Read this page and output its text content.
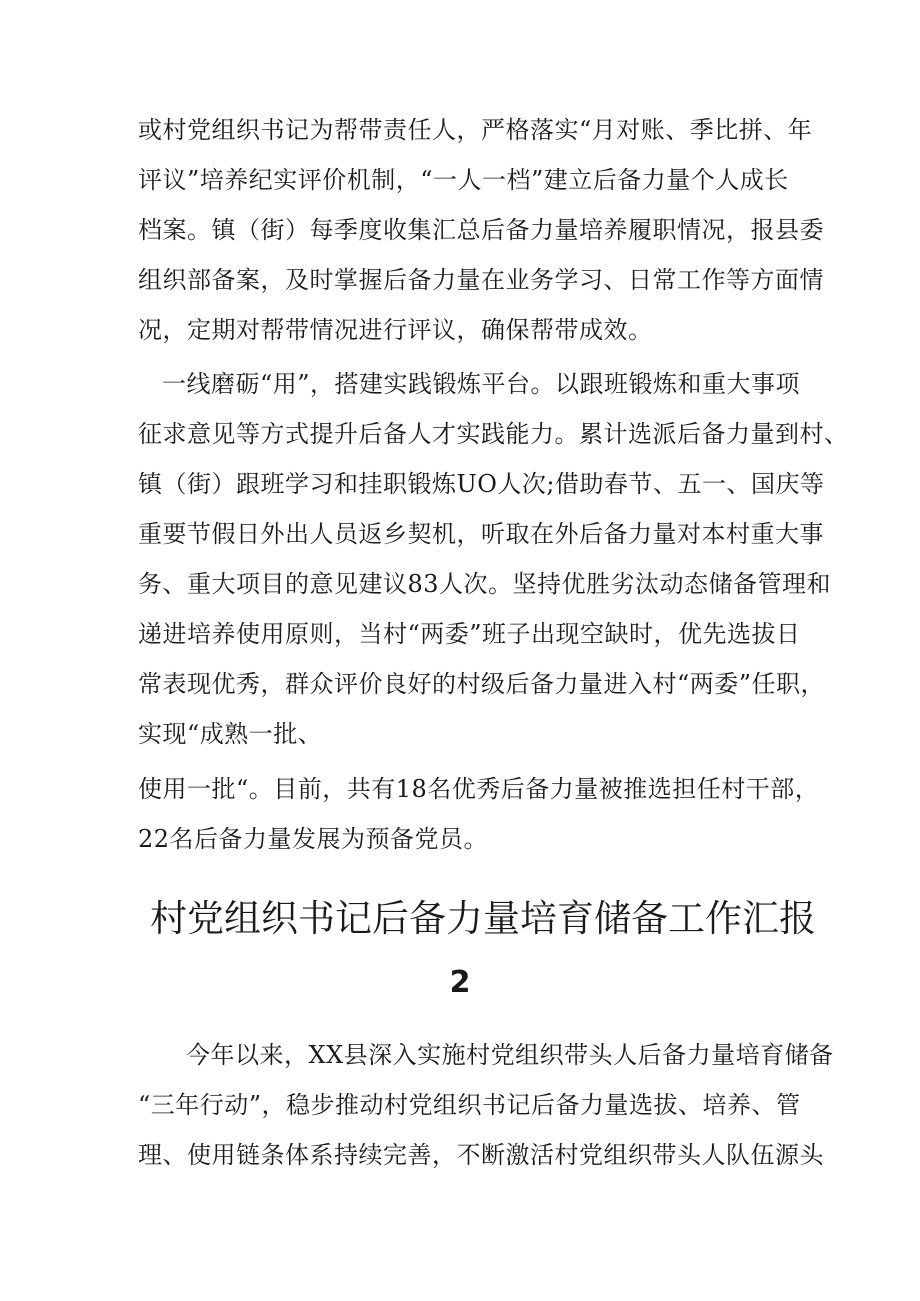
或村党组织书记为帮带责任人，严格落实“月对账、季比拼、年
评议”培养纪实评价机制，“一人一档”建立后备力量个人成长
档案。镇（街）每季度收集汇总后备力量培养履职情况，报县委
组织部备案，及时掌握后备力量在业务学习、日常工作等方面情
况，定期对帮带情况进行评议，确保帮带成效。
一线磨砺“用”，搭建实践锻炼平台。以跟班锻炼和重大事项
征求意见等方式提升后备人才实践能力。累计选派后备力量到村、
镇（街）跟班学习和挂职锻炼UO人次;借助春节、五一、国庆等
重要节假日外出人员返乡契机，听取在外后备力量对本村重大事
务、重大项目的意见建议83人次。坚持优胜劣汰动态储备管理和
递进培养使用原则，当村“两委”班子出现空缺时，优先选拔日
常表现优秀，群众评价良好的村级后备力量进入村“两委”任职，
实现“成熟一批、
使用一批“。目前，共有18名优秀后备力量被推选担任村干部，
22名后备力量发展为预备党员。
村党组织书记后备力量培育储备工作汇报
2
今年以来，XX县深入实施村党组织带头人后备力量培育储备
“三年行动”，稳步推动村党组织书记后备力量选拔、培养、管
理、使用链条体系持续完善，不断激活村党组织带头人队伍源头
